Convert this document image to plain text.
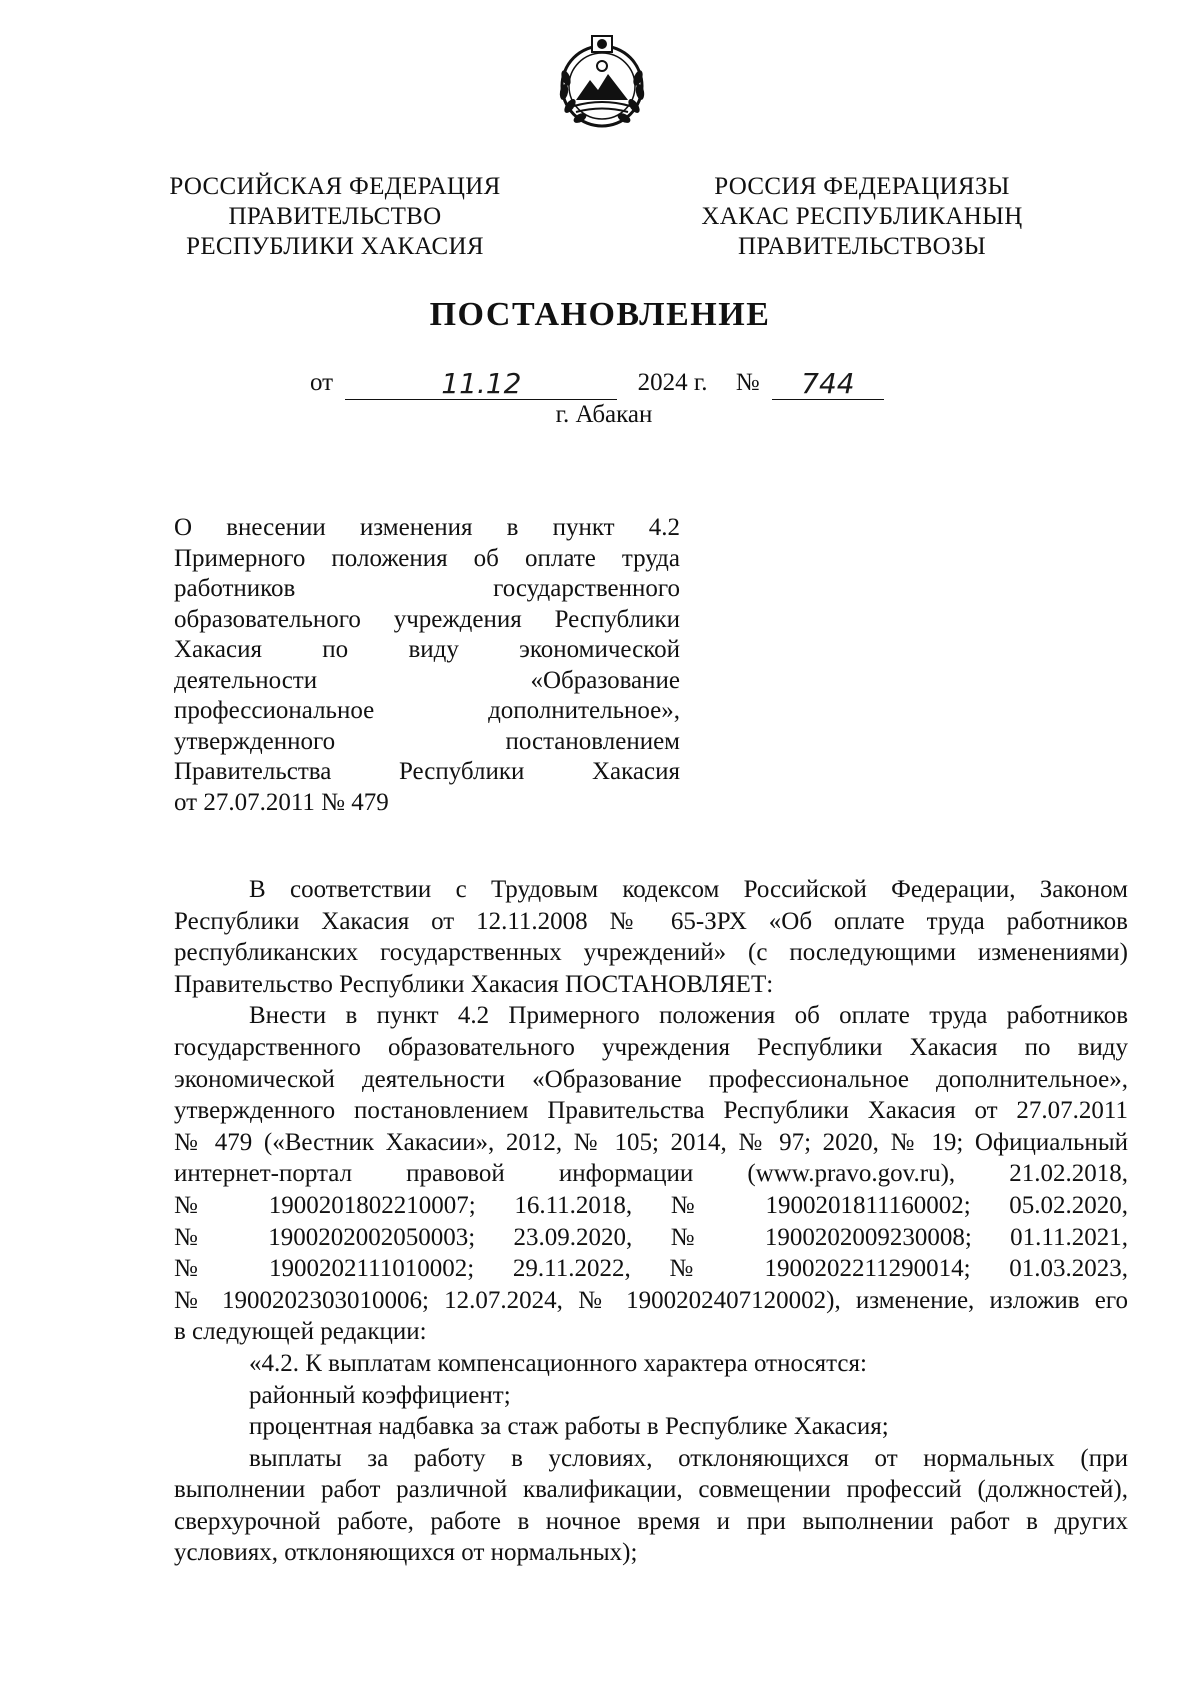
РОССИЙСКАЯ ФЕДЕРАЦИЯ
ПРАВИТЕЛЬСТВО
РЕСПУБЛИКИ ХАКАСИЯ
РОССИЯ ФЕДЕРАЦИЯЗЫ
ХАКАС РЕСПУБЛИКАНЫҢ
ПРАВИТЕЛЬСТВОЗЫ
ПОСТАНОВЛЕНИЕ
от	11.12	2024 г. № 744
г. Абакан
О внесении изменения в пункт 4.2
Примерного положения об оплате труда
работников государственного
образовательного учреждения Республики
Хакасия по виду экономической
деятельности «Образование
профессиональное дополнительное»,
утвержденного постановлением
Правительства Республики Хакасия
от 27.07.2011 № 479
В соответствии с Трудовым кодексом Российской Федерации, Законом
Республики Хакасия от 12.11.2008 № 65-ЗРХ «Об оплате труда работников
республиканских государственных учреждений» (с последующими изменениями)
Правительство Республики Хакасия ПОСТАНОВЛЯЕТ:
Внести в пункт 4.2 Примерного положения об оплате труда работников
государственного образовательного учреждения Республики Хакасия по виду
экономической деятельности «Образование профессиональное дополнительное»,
утвержденного постановлением Правительства Республики Хакасия от 27.07.2011
№ 479 («Вестник Хакасии», 2012, № 105; 2014, № 97; 2020, № 19; Официальный
интернет-портал правовой информации (www.pravo.gov.ru), 21.02.2018,
№ 1900201802210007; 16.11.2018, № 1900201811160002; 05.02.2020,
№ 1900202002050003; 23.09.2020, № 1900202009230008; 01.11.2021,
№ 1900202111010002; 29.11.2022, № 1900202211290014; 01.03.2023,
№ 1900202303010006; 12.07.2024, № 1900202407120002), изменение, изложив его
в следующей редакции:
«4.2. К выплатам компенсационного характера относятся:
районный коэффициент;
процентная надбавка за стаж работы в Республике Хакасия;
выплаты за работу в условиях, отклоняющихся от нормальных (при
выполнении работ различной квалификации, совмещении профессий (должностей),
сверхурочной работе, работе в ночное время и при выполнении работ в других
условиях, отклоняющихся от нормальных);
